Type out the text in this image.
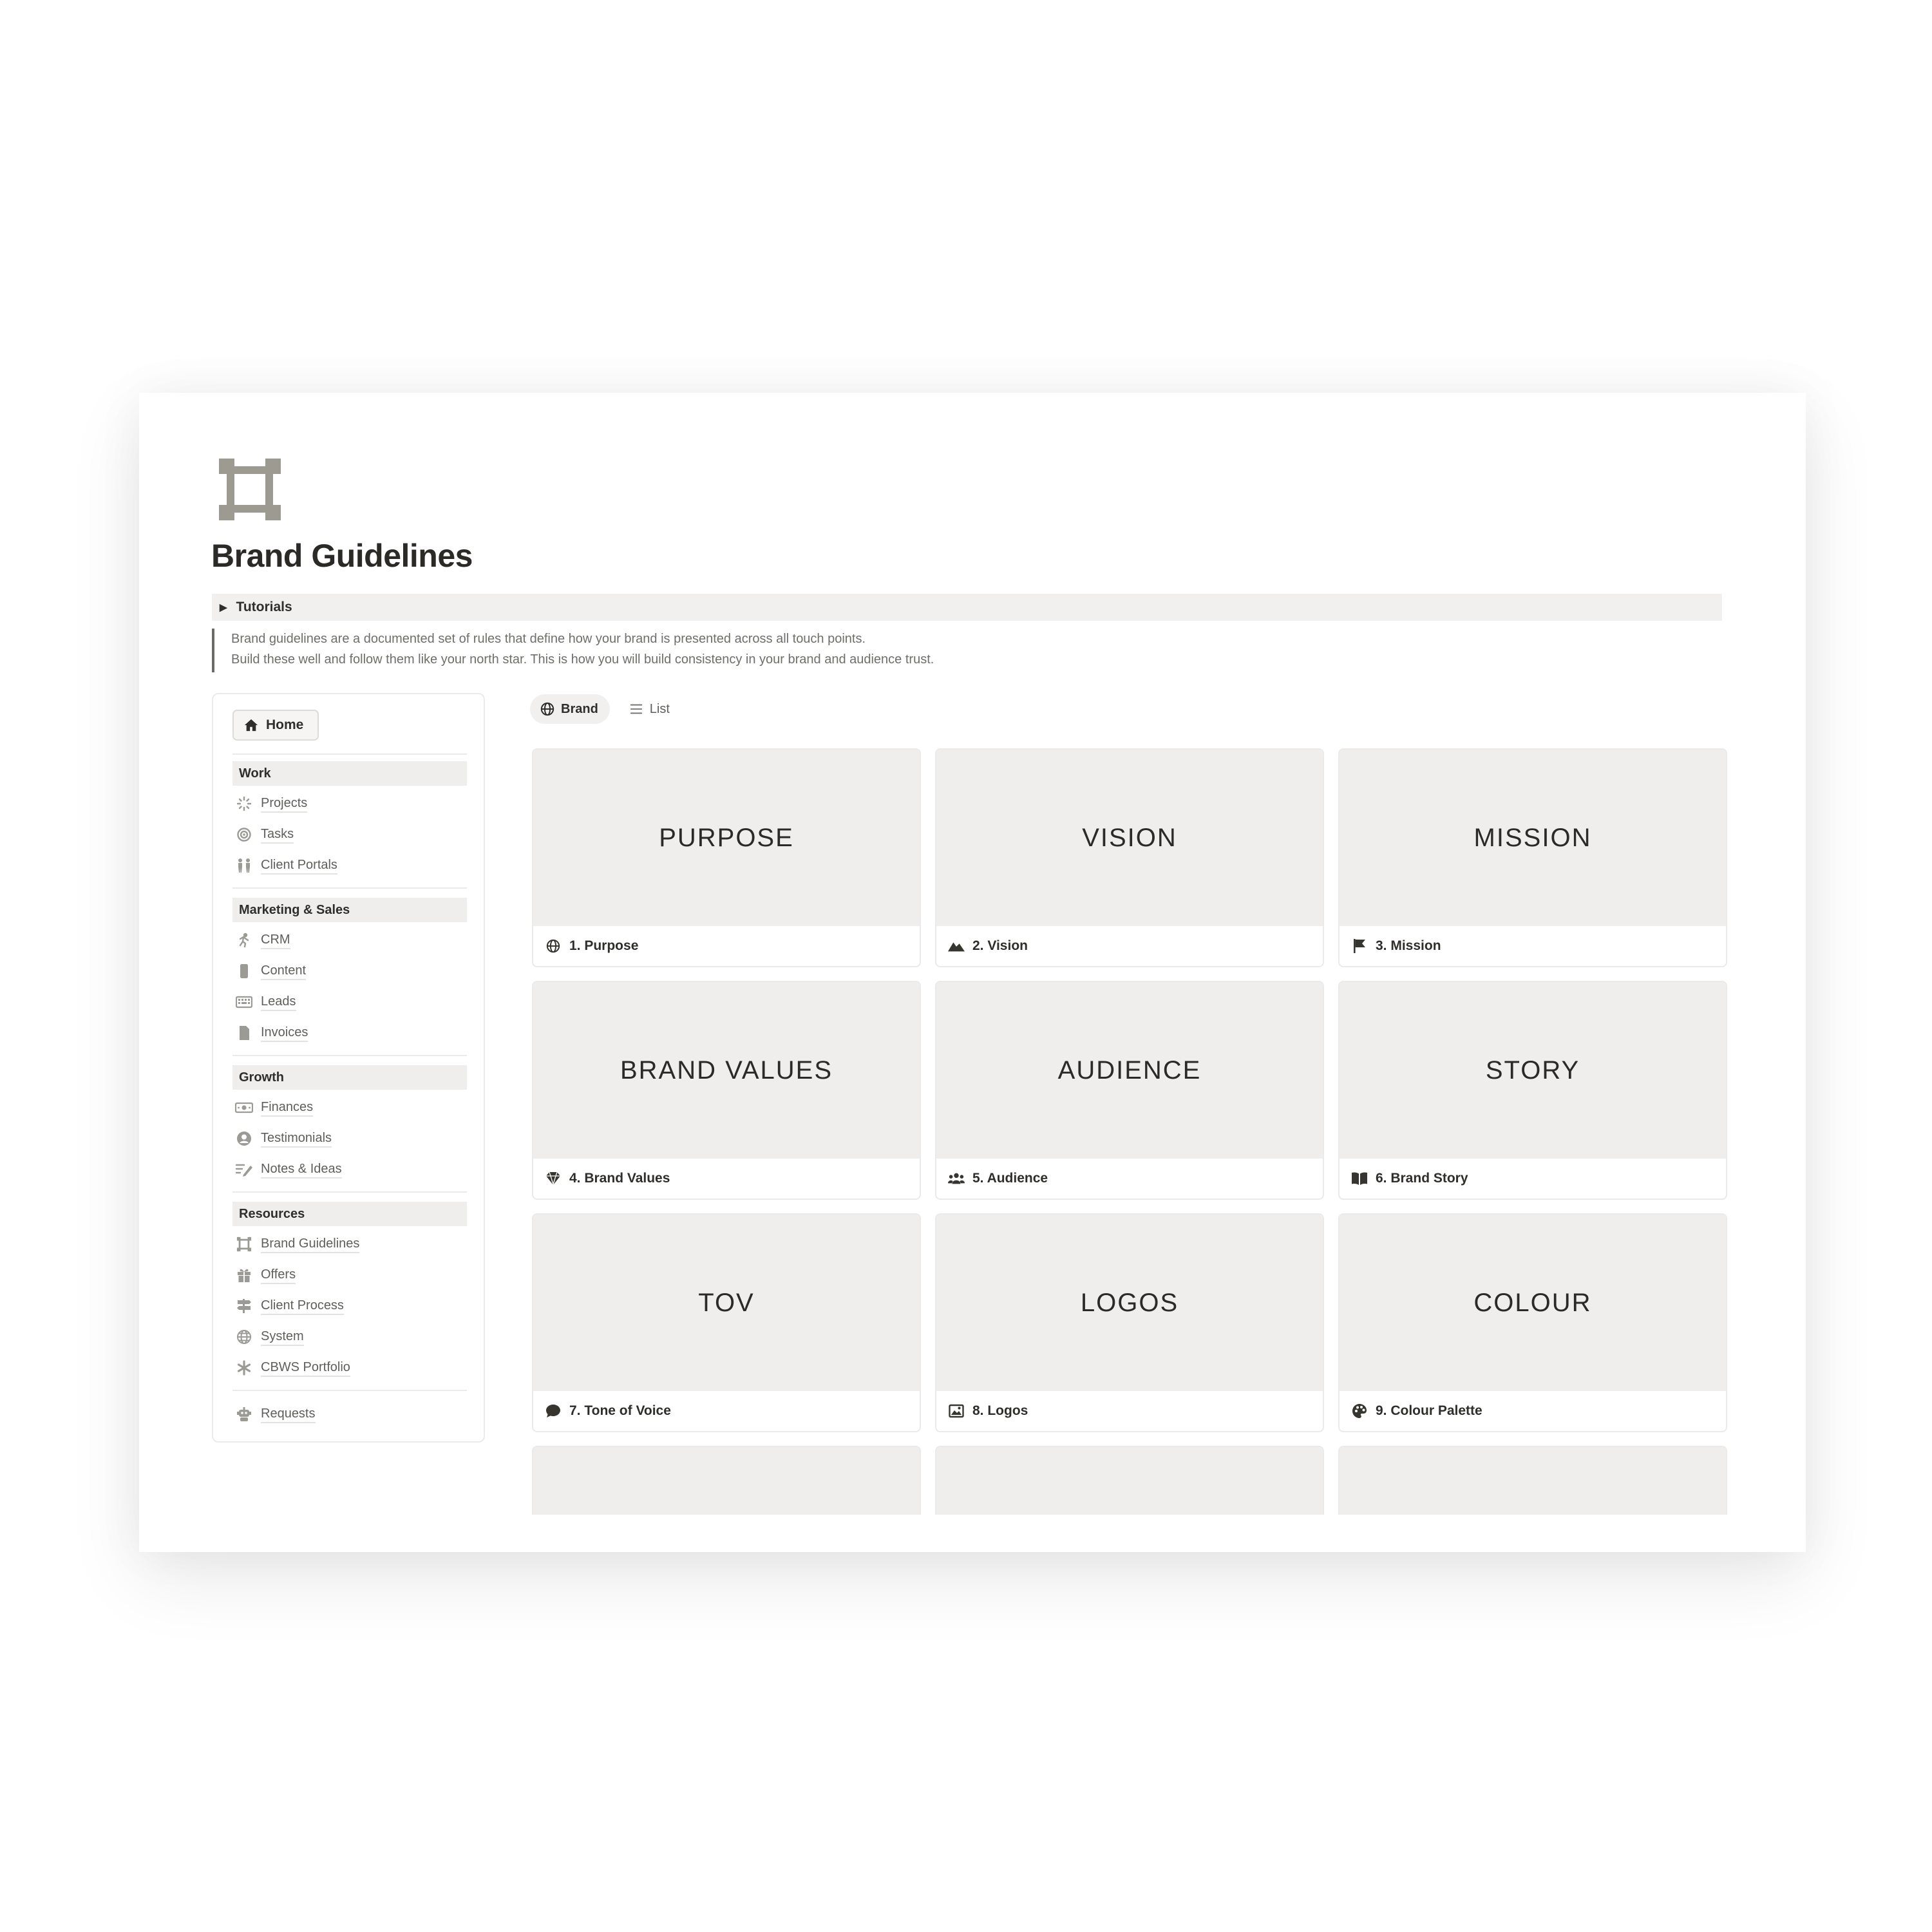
Brand Guidelines
▶ Tutorials
Brand guidelines are a documented set of rules that define how your brand is presented across all touch points.
Build these well and follow them like your north star. This is how you will build consistency in your brand and audience trust.
Home
Work
Projects
Tasks
Client Portals
Marketing & Sales
CRM
Content
Leads
Invoices
Growth
Finances
Testimonials
Notes & Ideas
Resources
Brand Guidelines
Offers
Client Process
System
CBWS Portfolio
Requests
Brand	List
PURPOSE
1. Purpose
VISION
2. Vision
MISSION
3. Mission
BRAND VALUES
4. Brand Values
AUDIENCE
5. Audience
STORY
6. Brand Story
TOV
7. Tone of Voice
LOGOS
8. Logos
COLOUR
9. Colour Palette
